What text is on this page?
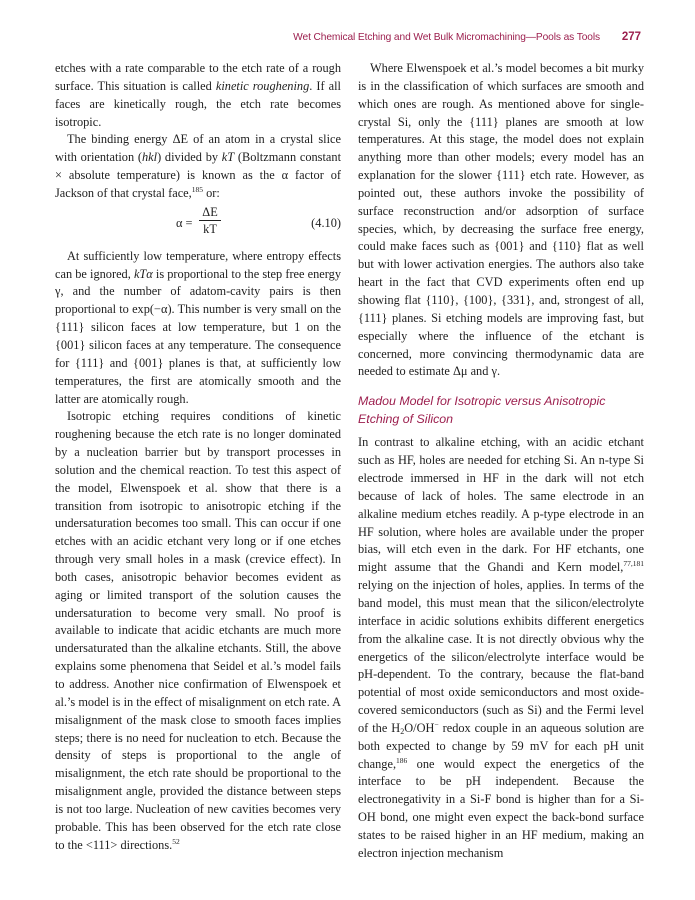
Wet Chemical Etching and Wet Bulk Micromachining—Pools as Tools 277

etches with a rate comparable to the etch rate of a rough surface. This situation is called kinetic roughening. If all faces are kinetically rough, the etch rate becomes isotropic.

The binding energy ΔE of an atom in a crystal slice with orientation (hkl) divided by kT (Boltzmann constant × absolute temperature) is known as the α factor of Jackson of that crystal face,$^{185}$ or:

$\alpha = \frac{\Delta E}{kT}$	(4.10)

At sufficiently low temperature, where entropy effects can be ignored, kTα is proportional to the step free energy γ, and the number of adatom-cavity pairs is then proportional to exp(−α). This number is very small on the {111} silicon faces at low temperature, but 1 on the {001} silicon faces at any temperature. The consequence for {111} and {001} planes is that, at sufficiently low temperatures, the first are atomically smooth and the latter are atomically rough.

Isotropic etching requires conditions of kinetic roughening because the etch rate is no longer dominated by a nucleation barrier but by transport processes in solution and the chemical reaction. To test this aspect of the model, Elwenspoek et al. show that there is a transition from isotropic to anisotropic etching if the undersaturation becomes too small. This can occur if one etches with an acidic etchant very long or if one etches through very small holes in a mask (crevice effect). In both cases, anisotropic behavior becomes evident as aging or limited transport of the solution causes the undersaturation to become very small. No proof is available to indicate that acidic etchants are much more undersaturated than the alkaline etchants. Still, the above explains some phenomena that Seidel et al.’s model fails to address. Another nice confirmation of Elwenspoek et al.’s model is in the effect of misalignment on etch rate. A misalignment of the mask close to smooth faces implies steps; there is no need for nucleation to etch. Because the density of steps is proportional to the angle of misalignment, the etch rate should be proportional to the misalignment angle, provided the distance between steps is not too large. Nucleation of new cavities becomes very probable. This has been observed for the etch rate close to the <111> directions.$^{52}$

Where Elwenspoek et al.’s model becomes a bit murky is in the classification of which surfaces are smooth and which ones are rough. As mentioned above for single-crystal Si, only the {111} planes are smooth at low temperatures. At this stage, the model does not explain anything more than other models; every model has an explanation for the slower {111} etch rate. However, as pointed out, these authors invoke the possibility of surface reconstruction and/or adsorption of surface species, which, by decreasing the surface free energy, could make faces such as {001} and {110} flat as well but with lower activation energies. The authors also take heart in the fact that CVD experiments often end up showing flat {110}, {100}, {331}, and, strongest of all, {111} planes. Si etching models are improving fast, but especially where the influence of the etchant is concerned, more convincing thermodynamic data are needed to estimate Δμ and γ.

Madou Model for Isotropic versus Anisotropic Etching of Silicon

In contrast to alkaline etching, with an acidic etchant such as HF, holes are needed for etching Si. An n-type Si electrode immersed in HF in the dark will not etch because of lack of holes. The same electrode in an alkaline medium etches readily. A p-type electrode in an HF solution, where holes are available under the proper bias, will etch even in the dark. For HF etchants, one might assume that the Ghandi and Kern model,$^{77,181}$ relying on the injection of holes, applies. In terms of the band model, this must mean that the silicon/electrolyte interface in acidic solutions exhibits different energetics from the alkaline case. It is not directly obvious why the energetics of the silicon/electrolyte interface would be pH-dependent. To the contrary, because the flat-band potential of most oxide semiconductors and most oxide-covered semiconductors (such as Si) and the Fermi level of the $H_2O/OH^-$ redox couple in an aqueous solution are both expected to change by 59 mV for each pH unit change,$^{186}$ one would expect the energetics of the interface to be pH independent. Because the electronegativity in a Si-F bond is higher than for a Si-OH bond, one might even expect the back-bond surface states to be raised higher in an HF medium, making an electron injection mechanism
